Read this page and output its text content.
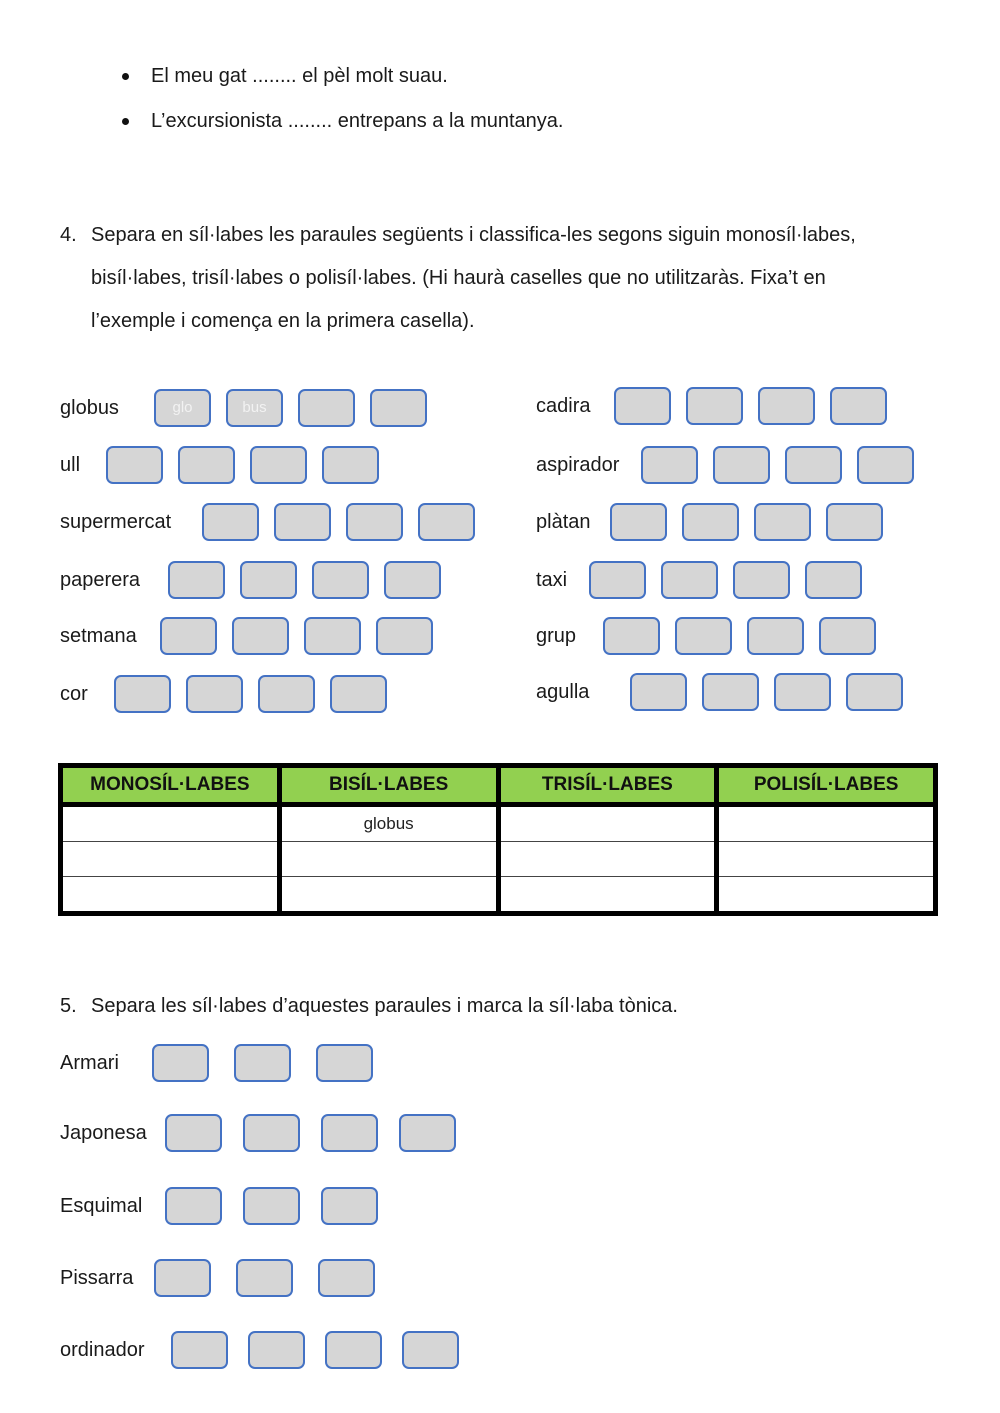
El meu gat ........ el pèl molt suau.
L’excursionista ........ entrepans a la muntanya.
4. Separa en síl·labes les paraules següents i classifica-les segons siguin monosíl·labes,
bisíl·labes, trisíl·labes o polisíl·labes. (Hi haurà caselles que no utilitzaràs. Fixa’t en
l’exemple i comença en la primera casella).
globus	glo	bus
ull
supermercat
paperera
setmana
cor
cadira
aspirador
plàtan
taxi
grup
agulla
MONOSÍL·LABES	BISÍL·LABES	TRISÍL·LABES	POLISÍL·LABES
	globus		

5. Separa les síl·labes d’aquestes paraules i marca la síl·laba tònica.
Armari
Japonesa
Esquimal
Pissarra
ordinador
